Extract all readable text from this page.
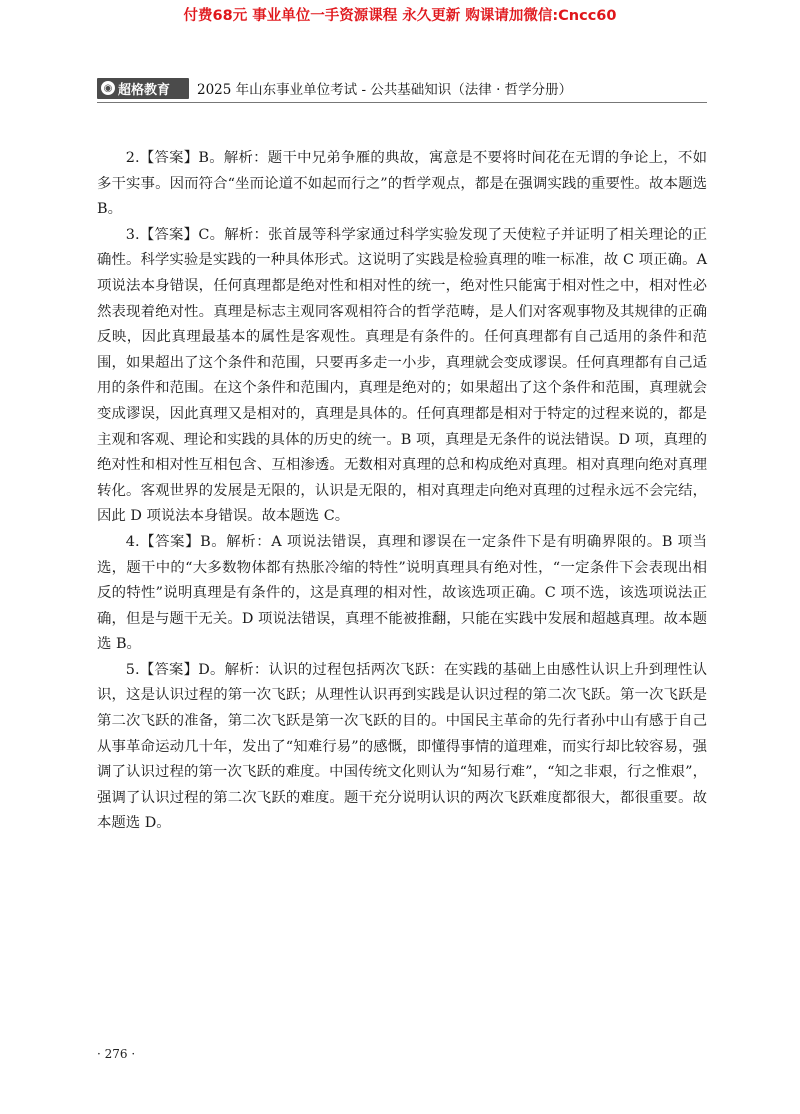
付费68元 事业单位一手资源课程 永久更新 购课请加微信:Cncc60
◉ 超格教育 2025 年山东事业单位考试 - 公共基础知识（法律 · 哲学分册）

2.【答案】B。解析：题干中兄弟争雁的典故，寓意是不要将时间花在无谓的争论上，不如多干实事。因而符合“坐而论道不如起而行之”的哲学观点，都是在强调实践的重要性。故本题选 B。

3.【答案】C。解析：张首晟等科学家通过科学实验发现了天使粒子并证明了相关理论的正确性。科学实验是实践的一种具体形式。这说明了实践是检验真理的唯一标准，故 C 项正确。A 项说法本身错误，任何真理都是绝对性和相对性的统一，绝对性只能寓于相对性之中，相对性必然表现着绝对性。真理是标志主观同客观相符合的哲学范畴，是人们对客观事物及其规律的正确反映，因此真理最基本的属性是客观性。真理是有条件的。任何真理都有自己适用的条件和范围，如果超出了这个条件和范围，只要再多走一小步，真理就会变成谬误。任何真理都有自己适用的条件和范围。在这个条件和范围内，真理是绝对的；如果超出了这个条件和范围，真理就会变成谬误，因此真理又是相对的，真理是具体的。任何真理都是相对于特定的过程来说的，都是主观和客观、理论和实践的具体的历史的统一。B 项，真理是无条件的说法错误。D 项，真理的绝对性和相对性互相包含、互相渗透。无数相对真理的总和构成绝对真理。相对真理向绝对真理转化。客观世界的发展是无限的，认识是无限的，相对真理走向绝对真理的过程永远不会完结，因此 D 项说法本身错误。故本题选 C。

4.【答案】B。解析：A 项说法错误，真理和谬误在一定条件下是有明确界限的。B 项当选，题干中的“大多数物体都有热胀冷缩的特性”说明真理具有绝对性，“一定条件下会表现出相反的特性”说明真理是有条件的，这是真理的相对性，故该选项正确。C 项不选，该选项说法正确，但是与题干无关。D 项说法错误，真理不能被推翻，只能在实践中发展和超越真理。故本题选 B。

5.【答案】D。解析：认识的过程包括两次飞跃：在实践的基础上由感性认识上升到理性认识，这是认识过程的第一次飞跃；从理性认识再到实践是认识过程的第二次飞跃。第一次飞跃是第二次飞跃的准备，第二次飞跃是第一次飞跃的目的。中国民主革命的先行者孙中山有感于自己从事革命运动几十年，发出了“知难行易”的感慨，即懂得事情的道理难，而实行却比较容易，强调了认识过程的第一次飞跃的难度。中国传统文化则认为“知易行难”，“知之非艰，行之惟艰”，强调了认识过程的第二次飞跃的难度。题干充分说明认识的两次飞跃难度都很大，都很重要。故本题选 D。

· 276 ·
